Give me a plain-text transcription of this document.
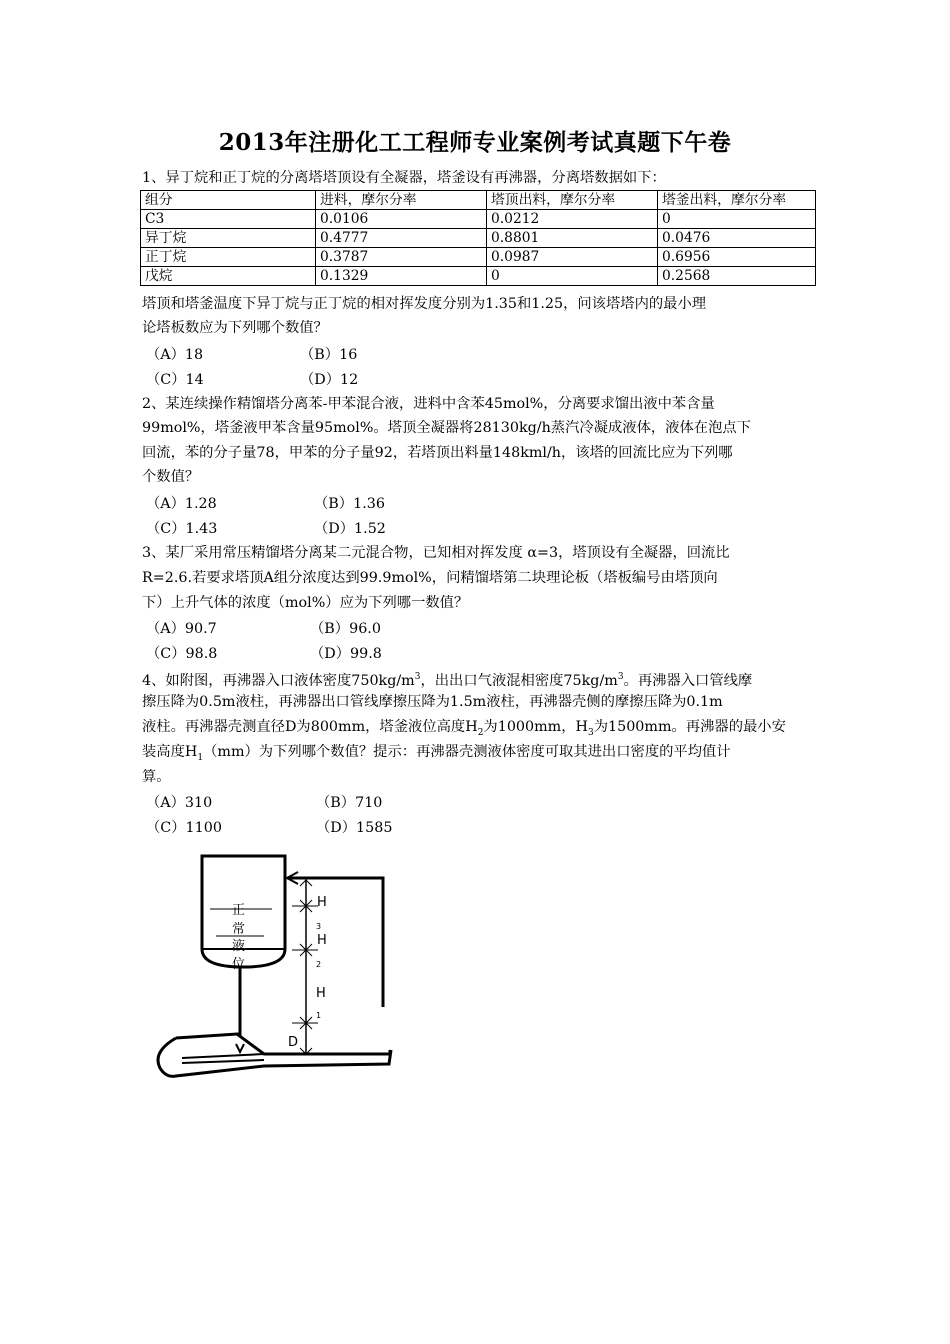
2013年注册化工工程师专业案例考试真题下午卷
1、异丁烷和正丁烷的分离塔塔顶设有全凝器，塔釜设有再沸器，分离塔数据如下：
组分	进料，摩尔分率	塔顶出料，摩尔分率	塔釜出料，摩尔分率
C3	0.0106	0.0212	0
异丁烷	0.4777	0.8801	0.0476
正丁烷	0.3787	0.0987	0.6956
戊烷	0.1329	0	0.2568
塔顶和塔釜温度下异丁烷与正丁烷的相对挥发度分别为1.35和1.25，问该塔塔内的最小理
论塔板数应为下列哪个数值？
（A）18	（B）16
（C）14	（D）12
2、某连续操作精馏塔分离苯-甲苯混合液，进料中含苯45mol%，分离要求馏出液中苯含量
99mol%，塔釜液甲苯含量95mol%。塔顶全凝器将28130kg/h蒸汽冷凝成液体，液体在泡点下
回流，苯的分子量78，甲苯的分子量92，若塔顶出料量148kml/h，该塔的回流比应为下列哪
个数值？
（A）1.28	（B）1.36
（C）1.43	（D）1.52
3、某厂采用常压精馏塔分离某二元混合物，已知相对挥发度 α=3，塔顶设有全凝器，回流比
R=2.6.若要求塔顶A组分浓度达到99.9mol%，问精馏塔第二块理论板（塔板编号由塔顶向
下）上升气体的浓度（mol%）应为下列哪一数值？
（A）90.7	（B）96.0
（C）98.8	（D）99.8
4、如附图，再沸器入口液体密度$750kg/m^3$，出出口气液混相密度$75kg/m^3$。再沸器入口管线摩
擦压降为0.5m液柱，再沸器出口管线摩擦压降为1.5m液柱，再沸器壳侧的摩擦压降为0.1m
液柱。再沸器壳测直径D为800mm，塔釜液位高度$H_2$为1000mm，$H_3$为1500mm。再沸器的最小安
装高度$H_1(mm)$为下列哪个数值？提示：再沸器壳测液体密度可取其进出口密度的平均值计
算。
（A）310	（B）710
（C）1100	（D）1585
正
常
液
位
H
3
H
2
H
1
D
